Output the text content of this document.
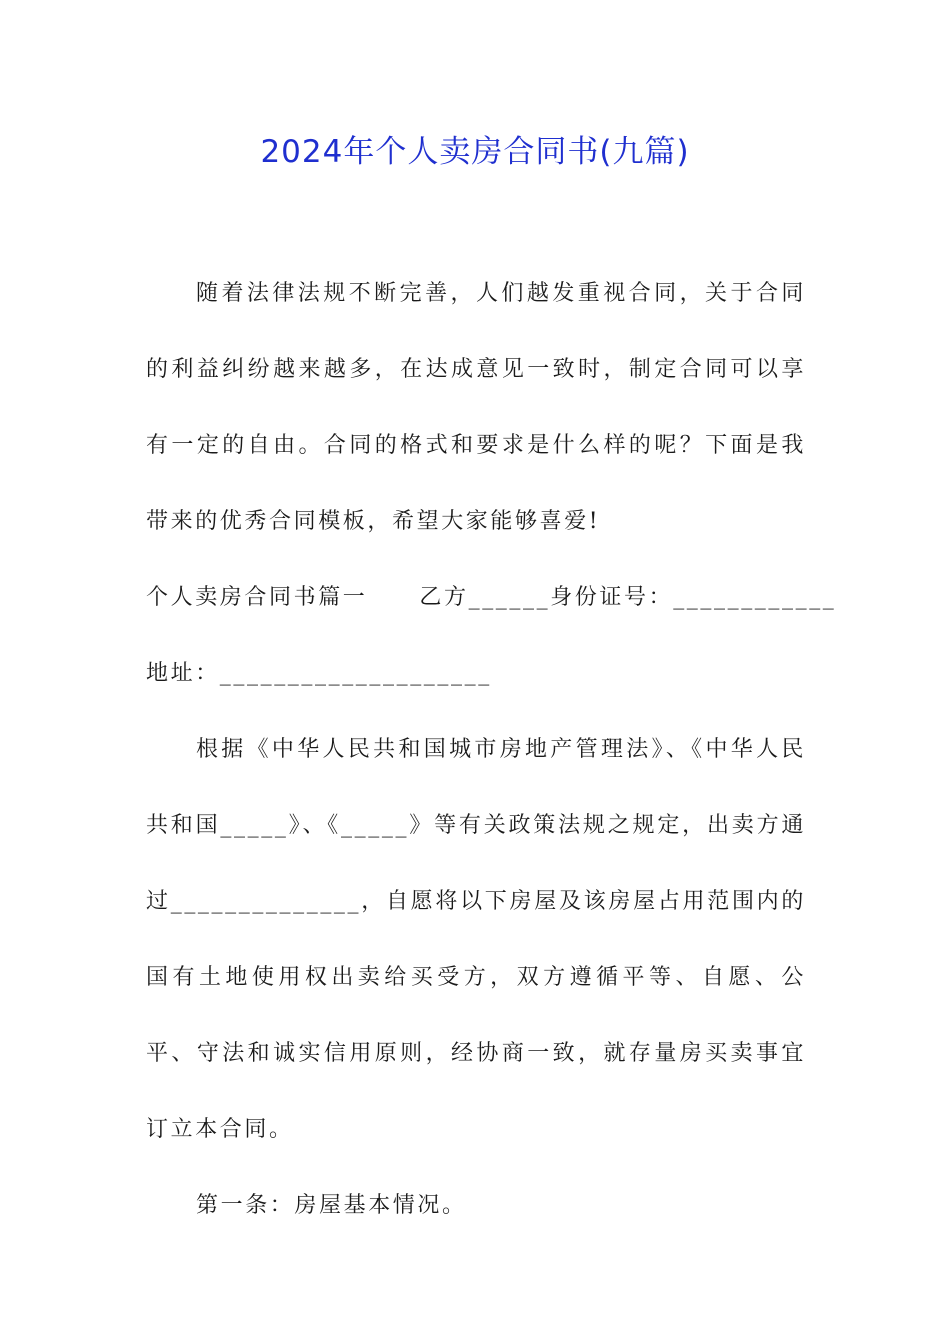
2024年个人卖房合同书(九篇)

随着法律法规不断完善，人们越发重视合同，关于合同的利益纠纷越来越多，在达成意见一致时，制定合同可以享有一定的自由。合同的格式和要求是什么样的呢？下面是我带来的优秀合同模板，希望大家能够喜爱!

个人卖房合同书篇一 乙方______身份证号：____________

地址：____________________

根据《中华人民共和国城市房地产管理法》、《中华人民共和国_____》、《_____》等有关政策法规之规定，出卖方通过______________，自愿将以下房屋及该房屋占用范围内的国有土地使用权出卖给买受方，双方遵循平等、自愿、公平、守法和诚实信用原则，经协商一致，就存量房买卖事宜订立本合同。

第一条：房屋基本情况。
